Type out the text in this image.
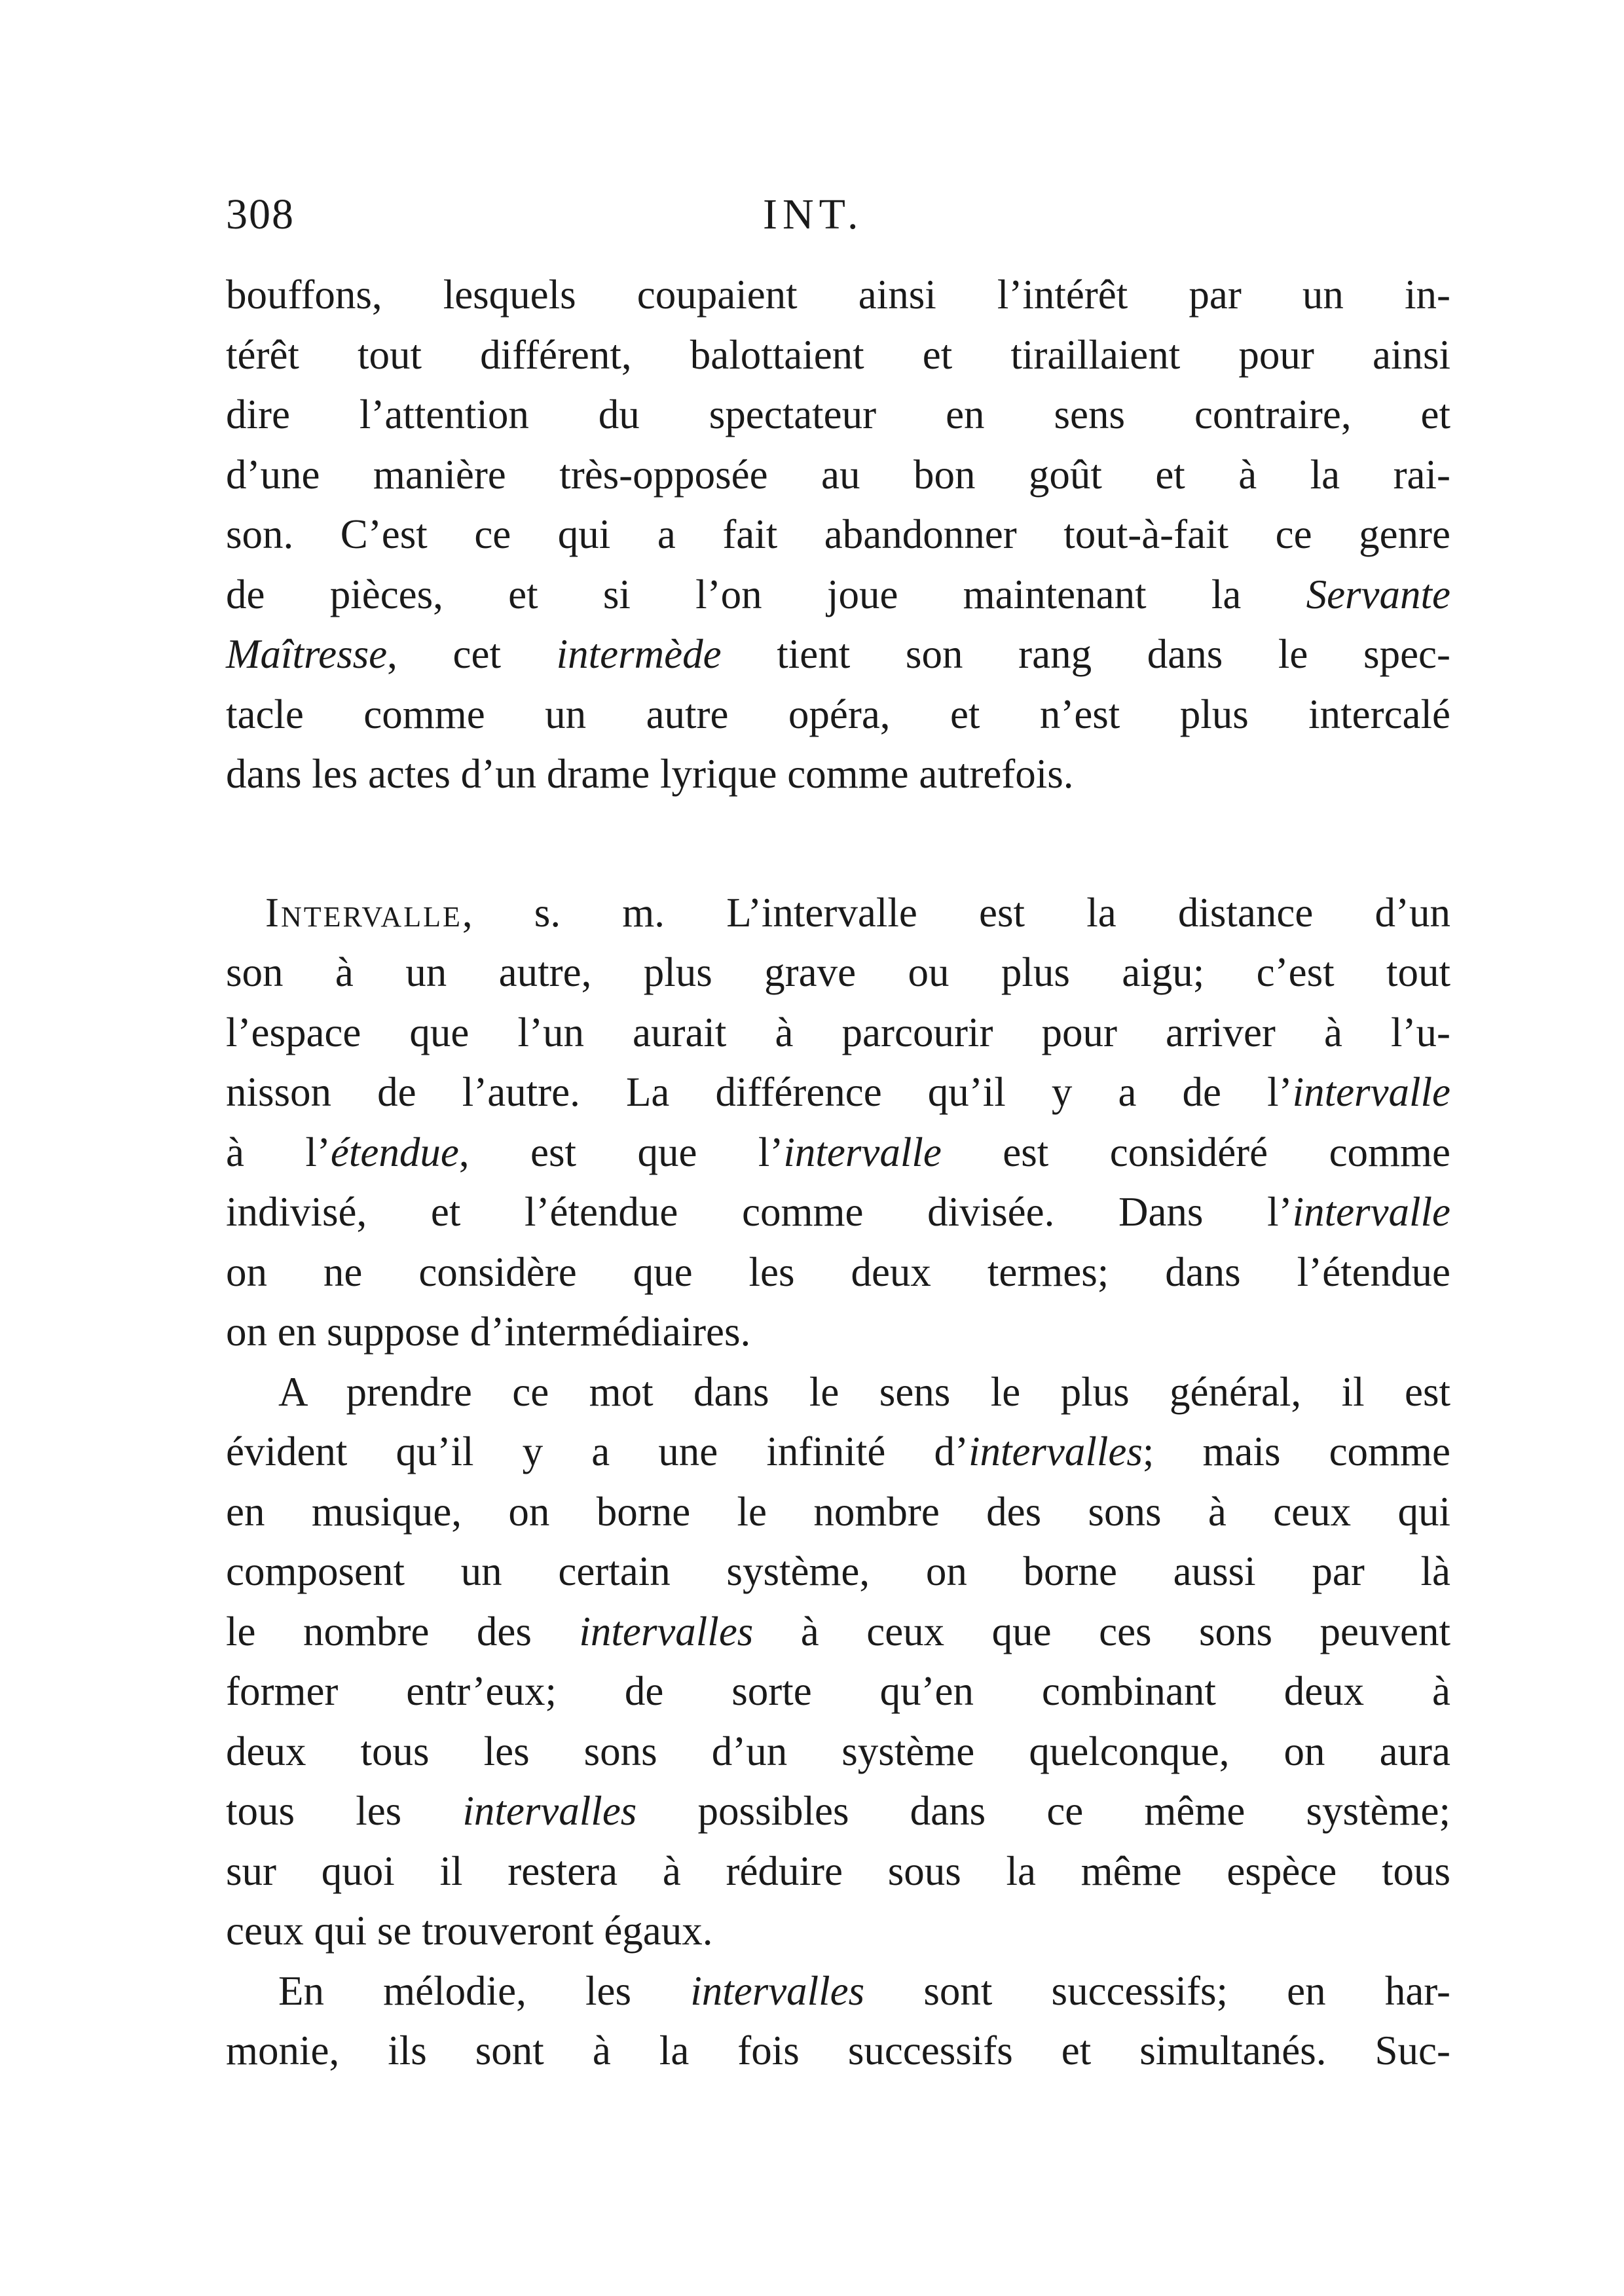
308	INT.
bouffons, lesquels coupaient ainsi l’intérêt par un in-
térêt tout différent, balottaient et tiraillaient pour ainsi
dire l’attention du spectateur en sens contraire, et
d’une manière très-opposée au bon goût et à la rai-
son. C’est ce qui a fait abandonner tout-à-fait ce genre
de pièces, et si l’on joue maintenant la Servante
Maîtresse, cet intermède tient son rang dans le spec-
tacle comme un autre opéra, et n’est plus intercalé
dans les actes d’un drame lyrique comme autrefois.
Intervalle, s. m. L’intervalle est la distance d’un
son à un autre, plus grave ou plus aigu; c’est tout
l’espace que l’un aurait à parcourir pour arriver à l’u-
nisson de l’autre. La différence qu’il y a de l’intervalle
à l’étendue, est que l’intervalle est considéré comme
indivisé, et l’étendue comme divisée. Dans l’intervalle
on ne considère que les deux termes; dans l’étendue
on en suppose d’intermédiaires.
A prendre ce mot dans le sens le plus général, il est
évident qu’il y a une infinité d’intervalles; mais comme
en musique, on borne le nombre des sons à ceux qui
composent un certain système, on borne aussi par là
le nombre des intervalles à ceux que ces sons peuvent
former entr’eux; de sorte qu’en combinant deux à
deux tous les sons d’un système quelconque, on aura
tous les intervalles possibles dans ce même système;
sur quoi il restera à réduire sous la même espèce tous
ceux qui se trouveront égaux.
En mélodie, les intervalles sont successifs; en har-
monie, ils sont à la fois successifs et simultanés. Suc-
